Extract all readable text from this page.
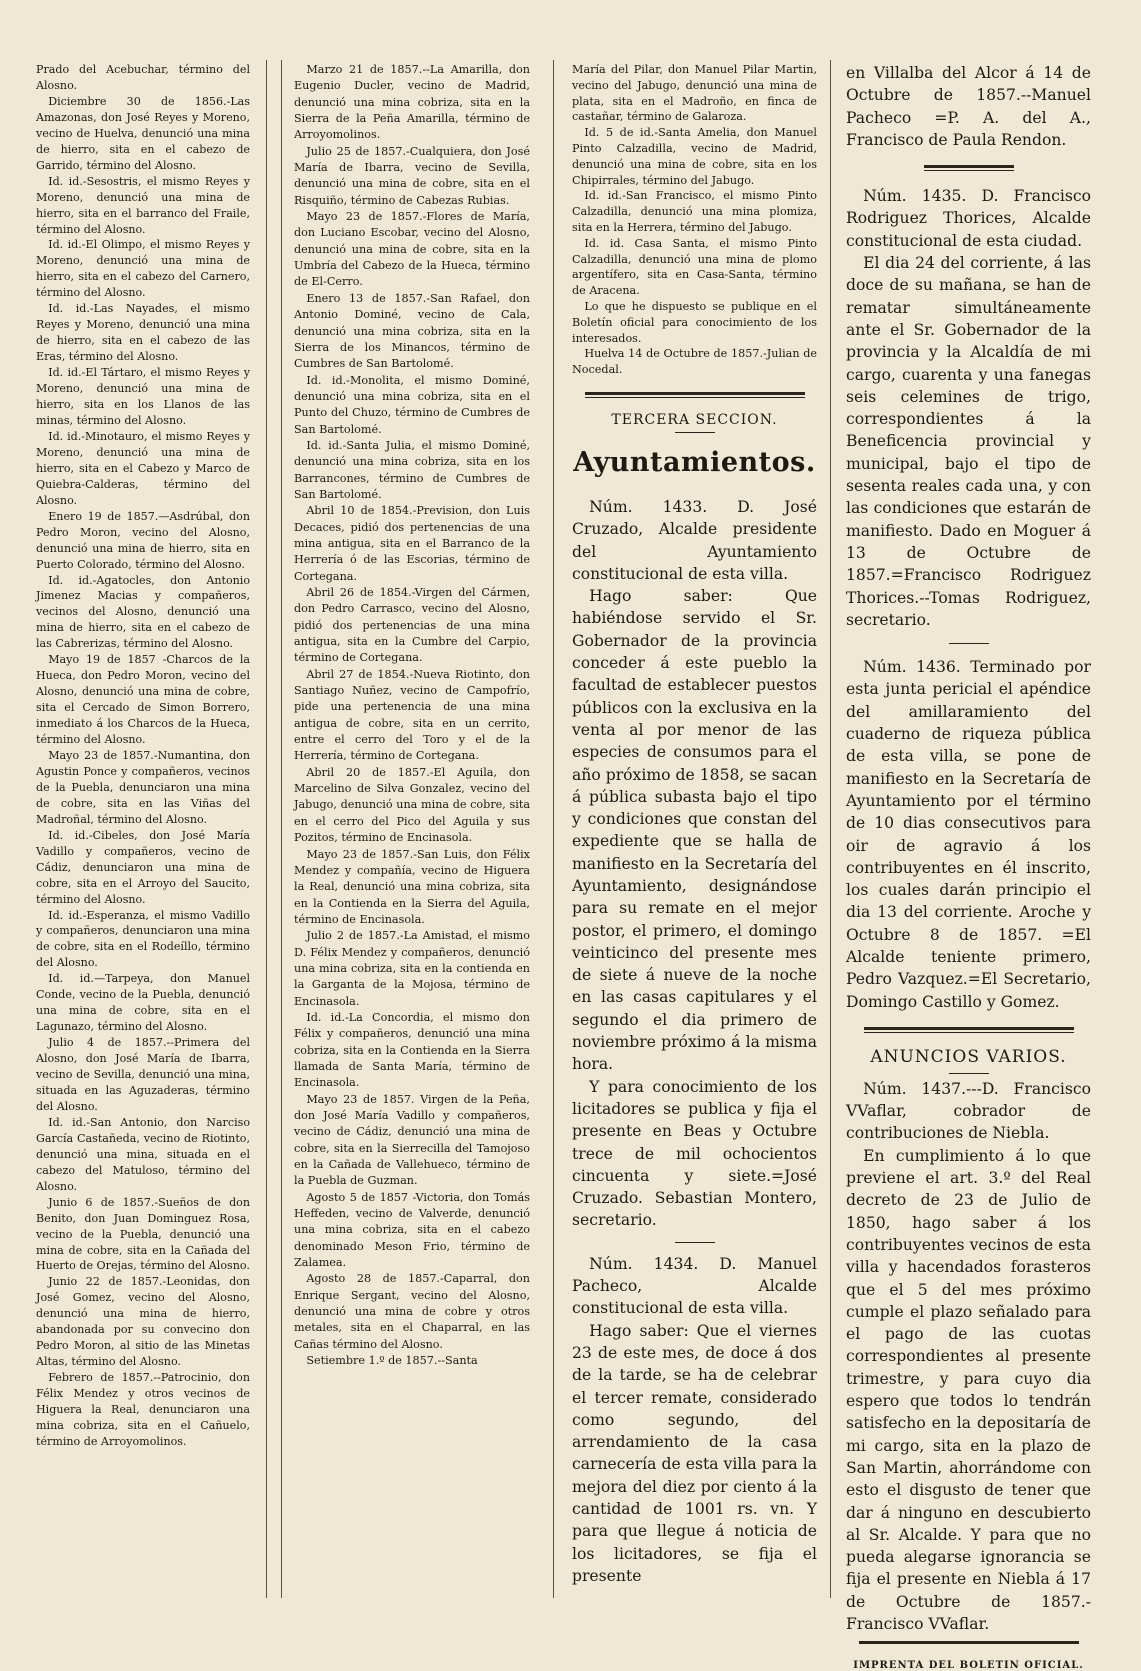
Prado del Acebuchar, término del Alosno.

Diciembre 30 de 1856.-Las Amazonas, don José Reyes y Moreno, vecino de Huelva, denunció una mina de hierro, sita en el cabezo de Garrido, término del Alosno.

Id. id.-Sesostris, el mismo Reyes y Moreno, denunció una mina de hierro, sita en el barranco del Fraile, término del Alosno.

Id. id.-El Olimpo, el mismo Reyes y Moreno, denunció una mina de hierro, sita en el cabezo del Carnero, término del Alosno.

Id. id.-Las Nayades, el mismo Reyes y Moreno, denunció una mina de hierro, sita en el cabezo de las Eras, término del Alosno.

Id. id.-El Tártaro, el mismo Reyes y Moreno, denunció una mina de hierro, sita en los Llanos de las minas, término del Alosno.

Id. id.-Minotauro, el mismo Reyes y Moreno, denunció una mina de hierro, sita en el Cabezo y Marco de Quiebra-Calderas, término del Alosno.

Enero 19 de 1857.—Asdrúbal, don Pedro Moron, vecino del Alosno, denunció una mina de hierro, sita en Puerto Colorado, término del Alosno.

Id. id.-Agatocles, don Antonio Jimenez Macias y compañeros, vecinos del Alosno, denunció una mina de hierro, sita en el cabezo de las Cabrerizas, término del Alosno.

Mayo 19 de 1857 -Charcos de la Hueca, don Pedro Moron, vecino del Alosno, denunció una mina de cobre, sita el Cercado de Simon Borrero, inmediato á los Charcos de la Hueca, término del Alosno.

Mayo 23 de 1857.-Numantina, don Agustin Ponce y compañeros, vecinos de la Puebla, denunciaron una mina de cobre, sita en las Viñas del Madroñal, término del Alosno.

Id. id.-Cibeles, don José María Vadillo y compañeros, vecino de Cádiz, denunciaron una mina de cobre, sita en el Arroyo del Saucito, término del Alosno.

Id. id.-Esperanza, el mismo Vadillo y compañeros, denunciaron una mina de cobre, sita en el Rodeíllo, término del Alosno.

Id. id.—Tarpeya, don Manuel Conde, vecino de la Puebla, denunció una mina de cobre, sita en el Lagunazo, término del Alosno.

Julio 4 de 1857.--Primera del Alosno, don José María de Ibarra, vecino de Sevilla, denunció una mina, situada en las Aguzaderas, término del Alosno.

Id. id.-San Antonio, don Narciso García Castañeda, vecino de Riotinto, denunció una mina, situada en el cabezo del Matuloso, término del Alosno.

Junio 6 de 1857.-Sueños de don Benito, don Juan Dominguez Rosa, vecino de la Puebla, denunció una mina de cobre, sita en la Cañada del Huerto de Orejas, término del Alosno.

Junio 22 de 1857.-Leonidas, don José Gomez, vecino del Alosno, denunció una mina de hierro, abandonada por su convecino don Pedro Moron, al sitio de las Minetas Altas, término del Alosno.

Febrero de 1857.--Patrocinio, don Félix Mendez y otros vecinos de Higuera la Real, denunciaron una mina cobriza, sita en el Cañuelo, término de Arroyomolinos.

Marzo 21 de 1857.--La Amarilla, don Eugenio Ducler, vecino de Madrid, denunció una mina cobriza, sita en la Sierra de la Peña Amarilla, término de Arroyomolinos.

Julio 25 de 1857.-Cualquiera, don José María de Ibarra, vecino de Sevilla, denunció una mina de cobre, sita en el Risquiño, término de Cabezas Rubias.

Mayo 23 de 1857.-Flores de María, don Luciano Escobar, vecino del Alosno, denunció una mina de cobre, sita en la Umbría del Cabezo de la Hueca, término de El-Cerro.

Enero 13 de 1857.-San Rafael, don Antonio Dominé, vecino de Cala, denunció una mina cobriza, sita en la Sierra de los Minancos, término de Cumbres de San Bartolomé.

Id. id.-Monolita, el mismo Dominé, denunció una mina cobriza, sita en el Punto del Chuzo, término de Cumbres de San Bartolomé.

Id. id.-Santa Julia, el mismo Dominé, denunció una mina cobriza, sita en los Barrancones, término de Cumbres de San Bartolomé.

Abril 10 de 1854.-Prevision, don Luis Decaces, pidió dos pertenencias de una mina antigua, sita en el Barranco de la Herrería ó de las Escorias, término de Cortegana.

Abril 26 de 1854.-Virgen del Cármen, don Pedro Carrasco, vecino del Alosno, pidió dos pertenencias de una mina antigua, sita en la Cumbre del Carpio, término de Cortegana.

Abril 27 de 1854.-Nueva Riotinto, don Santiago Nuñez, vecino de Campofrío, pide una pertenencia de una mina antigua de cobre, sita en un cerrito, entre el cerro del Toro y el de la Herrería, término de Cortegana.

Abril 20 de 1857.-El Aguila, don Marcelino de Silva Gonzalez, vecino del Jabugo, denunció una mina de cobre, sita en el cerro del Pico del Aguila y sus Pozitos, término de Encinasola.

Mayo 23 de 1857.-San Luis, don Félix Mendez y compañía, vecino de Higuera la Real, denunció una mina cobriza, sita en la Contienda en la Sierra del Aguila, término de Encinasola.

Julio 2 de 1857.-La Amistad, el mismo D. Félix Mendez y compañeros, denunció una mina cobriza, sita en la contienda en la Garganta de la Mojosa, término de Encinasola.

Id. id.-La Concordia, el mismo don Félix y compañeros, denunció una mina cobriza, sita en la Contienda en la Sierra llamada de Santa María, término de Encinasola.

Mayo 23 de 1857. Virgen de la Peña, don José María Vadillo y compañeros, vecino de Cádiz, denunció una mina de cobre, sita en la Sierrecilla del Tamojoso en la Cañada de Vallehueco, término de la Puebla de Guzman.

Agosto 5 de 1857 -Victoria, don Tomás Heffeden, vecino de Valverde, denunció una mina cobriza, sita en el cabezo denominado Meson Frio, término de Zalamea.

Agosto 28 de 1857.-Caparral, don Enrique Sergant, vecino del Alosno, denunció una mina de cobre y otros metales, sita en el Chaparral, en las Cañas término del Alosno.

Setiembre 1.º de 1857.--Santa

María del Pilar, don Manuel Pilar Martin, vecino del Jabugo, denunció una mina de plata, sita en el Madroño, en finca de castañar, término de Galaroza.

Id. 5 de id.-Santa Amelia, don Manuel Pinto Calzadilla, vecino de Madrid, denunció una mina de cobre, sita en los Chipirrales, término del Jabugo.

Id. id.-San Francisco, el mismo Pinto Calzadilla, denunció una mina plomiza, sita en la Herrera, término del Jabugo.

Id. id. Casa Santa, el mismo Pinto Calzadilla, denunció una mina de plomo argentífero, sita en Casa-Santa, término de Aracena.

Lo que he dispuesto se publique en el Boletín oficial para conocimiento de los interesados.

Huelva 14 de Octubre de 1857.-Julian de Nocedal.

TERCERA SECCION.
Ayuntamientos.

Núm. 1433. D. José Cruzado, Alcalde presidente del Ayuntamiento constitucional de esta villa.

Hago saber: Que habiéndose servido el Sr. Gobernador de la provincia conceder á este pueblo la facultad de establecer puestos públicos con la exclusiva en la venta al por menor de las especies de consumos para el año próximo de 1858, se sacan á pública subasta bajo el tipo y condiciones que constan del expediente que se halla de manifiesto en la Secretaría del Ayuntamiento, designándose para su remate en el mejor postor, el primero, el domingo veinticinco del presente mes de siete á nueve de la noche en las casas capitulares y el segundo el dia primero de noviembre próximo á la misma hora.

Y para conocimiento de los licitadores se publica y fija el presente en Beas y Octubre trece de mil ochocientos cincuenta y siete.=José Cruzado. Sebastian Montero, secretario.

Núm. 1434. D. Manuel Pacheco, Alcalde constitucional de esta villa.

Hago saber: Que el viernes 23 de este mes, de doce á dos de la tarde, se ha de celebrar el tercer remate, considerado como segundo, del arrendamiento de la casa carnecería de esta villa para la mejora del diez por ciento á la cantidad de 1001 rs. vn. Y para que llegue á noticia de los licitadores, se fija el presente

en Villalba del Alcor á 14 de Octubre de 1857.--Manuel Pacheco =P. A. del A., Francisco de Paula Rendon.

Núm. 1435. D. Francisco Rodriguez Thorices, Alcalde constitucional de esta ciudad.

El dia 24 del corriente, á las doce de su mañana, se han de rematar simultáneamente ante el Sr. Gobernador de la provincia y la Alcaldía de mi cargo, cuarenta y una fanegas seis celemines de trigo, correspondientes á la Beneficencia provincial y municipal, bajo el tipo de sesenta reales cada una, y con las condiciones que estarán de manifiesto. Dado en Moguer á 13 de Octubre de 1857.=Francisco Rodriguez Thorices.--Tomas Rodriguez, secretario.

Núm. 1436. Terminado por esta junta pericial el apéndice del amillaramiento del cuaderno de riqueza pública de esta villa, se pone de manifiesto en la Secretaría de Ayuntamiento por el término de 10 dias consecutivos para oir de agravio á los contribuyentes en él inscrito, los cuales darán principio el dia 13 del corriente. Aroche y Octubre 8 de 1857. =El Alcalde teniente primero, Pedro Vazquez.=El Secretario, Domingo Castillo y Gomez.

ANUNCIOS VARIOS.

Núm. 1437.---D. Francisco VVaflar, cobrador de contribuciones de Niebla.

En cumplimiento á lo que previene el art. 3.º del Real decreto de 23 de Julio de 1850, hago saber á los contribuyentes vecinos de esta villa y hacendados forasteros que el 5 del mes próximo cumple el plazo señalado para el pago de las cuotas correspondientes al presente trimestre, y para cuyo dia espero que todos lo tendrán satisfecho en la depositaría de mi cargo, sita en la plazo de San Martin, ahorrándome con esto el disgusto de tener que dar á ninguno en descubierto al Sr. Alcalde. Y para que no pueda alegarse ignorancia se fija el presente en Niebla á 17 de Octubre de 1857.-Francisco VVaflar.

IMPRENTA DEL BOLETIN OFICIAL.
